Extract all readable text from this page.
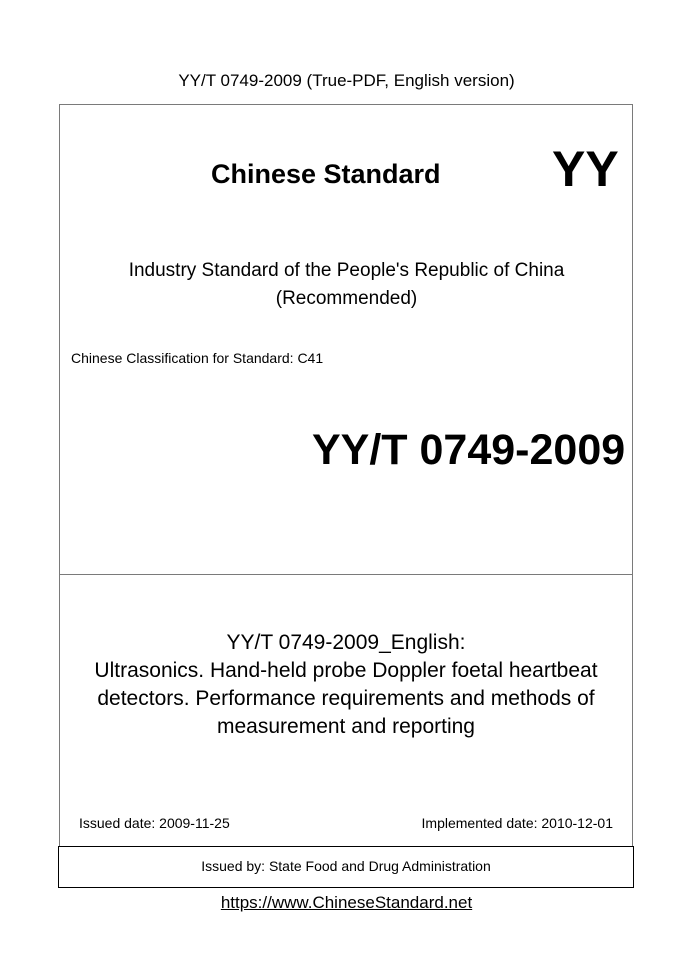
YY/T 0749-2009 (True-PDF, English version)
Chinese Standard YY
Industry Standard of the People's Republic of China
(Recommended)
Chinese Classification for Standard: C41
YY/T 0749-2009
YY/T 0749-2009_English:
Ultrasonics. Hand-held probe Doppler foetal heartbeat
detectors. Performance requirements and methods of
measurement and reporting
Issued date: 2009-11-25	Implemented date: 2010-12-01
Issued by: State Food and Drug Administration
https://www.ChineseStandard.net
